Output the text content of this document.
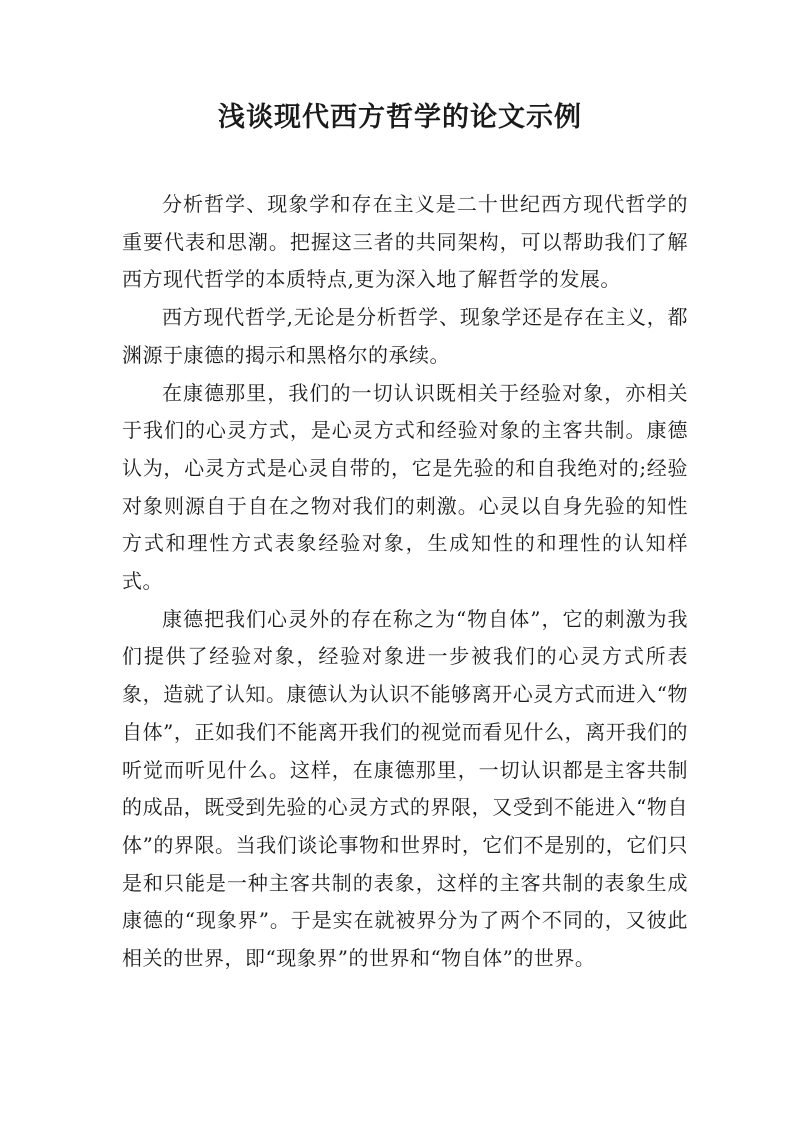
浅谈现代西方哲学的论文示例

分析哲学、现象学和存在主义是二十世纪西方现代哲学的重要代表和思潮。把握这三者的共同架构，可以帮助我们了解西方现代哲学的本质特点,更为深入地了解哲学的发展。

西方现代哲学,无论是分析哲学、现象学还是存在主义，都渊源于康德的揭示和黑格尔的承续。

在康德那里，我们的一切认识既相关于经验对象，亦相关于我们的心灵方式，是心灵方式和经验对象的主客共制。康德认为，心灵方式是心灵自带的，它是先验的和自我绝对的;经验对象则源自于自在之物对我们的刺激。心灵以自身先验的知性方式和理性方式表象经验对象，生成知性的和理性的认知样式。

康德把我们心灵外的存在称之为“物自体”，它的刺激为我们提供了经验对象，经验对象进一步被我们的心灵方式所表象，造就了认知。康德认为认识不能够离开心灵方式而进入“物自体”，正如我们不能离开我们的视觉而看见什么，离开我们的听觉而听见什么。这样，在康德那里，一切认识都是主客共制的成品，既受到先验的心灵方式的界限，又受到不能进入“物自体”的界限。当我们谈论事物和世界时，它们不是别的，它们只是和只能是一种主客共制的表象，这样的主客共制的表象生成康德的“现象界”。于是实在就被界分为了两个不同的，又彼此相关的世界，即“现象界”的世界和“物自体”的世界。
